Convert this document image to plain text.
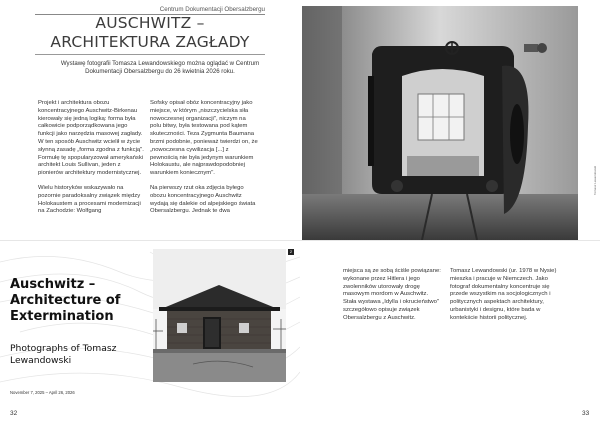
Centrum Dokumentacji Obersalzbergu
AUSCHWITZ – ARCHITEKTURA ZAGŁADY
Wystawę fotografii Tomasza Lewandowskiego można oglądać w Centrum Dokumentacji Obersalzbergu do 26 kwietnia 2026 roku.

Projekt i architektura obozu koncentracyjnego Auschwitz-Birkenau kierowały się jedną logiką: forma była całkowicie podporządkowana jego funkcji jako narzędzia masowej zagłady. W ten sposób Auschwitz wcielił w życie słynną zasadę „forma zgodna z funkcją". Formułę tę spopularyzował amerykański architekt Louis Sullivan, jeden z pionierów architektury modernistycznej.

Wielu historyków wskazywało na pozornie paradoksalny związek między Holokaustem a procesami modernizacji na Zachodzie: Wolfgang

Sofsky opisał obóz koncentracyjny jako miejsce, w którym „niszczycielska siła nowoczesnej organizacji", niczym na polu bitwy, była testowana pod kątem skuteczności. Teza Zygmunta Baumana brzmi podobnie, ponieważ twierdzi on, że „nowoczesna cywilizacja [...] z pewnością nie była jedynym warunkiem Holokaustu, ale najprawdopodobniej warunkiem koniecznym".

Na pierwszy rzut oka zdjęcia byłego obozu koncentracyjnego Auschwitz wydają się dalekie od alpejskiego świata Obersalzbergu. Jednak te dwa

Tomasz Lewandowski
Auschwitz – Architecture of Extermination
Photographs of Tomasz Lewandowski
November 7, 2025 – April 26, 2026
2

miejsca są ze sobą ściśle powiązane: wykonane przez Hitlera i jego zwolenników utorowały drogę masowym mordom w Auschwitz. Stała wystawa „Idylla i okrucieństwo" szczegółowo opisuje związek Obersalzbergu z Auschwitz.

Tomasz Lewandowski (ur. 1978 w Nysie) mieszka i pracuje w Niemczech. Jako fotograf dokumentalny koncentruje się przede wszystkim na socjologicznych i politycznych aspektach architektury, urbanistyki i designu, które bada w kontekście historii politycznej.

32	33
